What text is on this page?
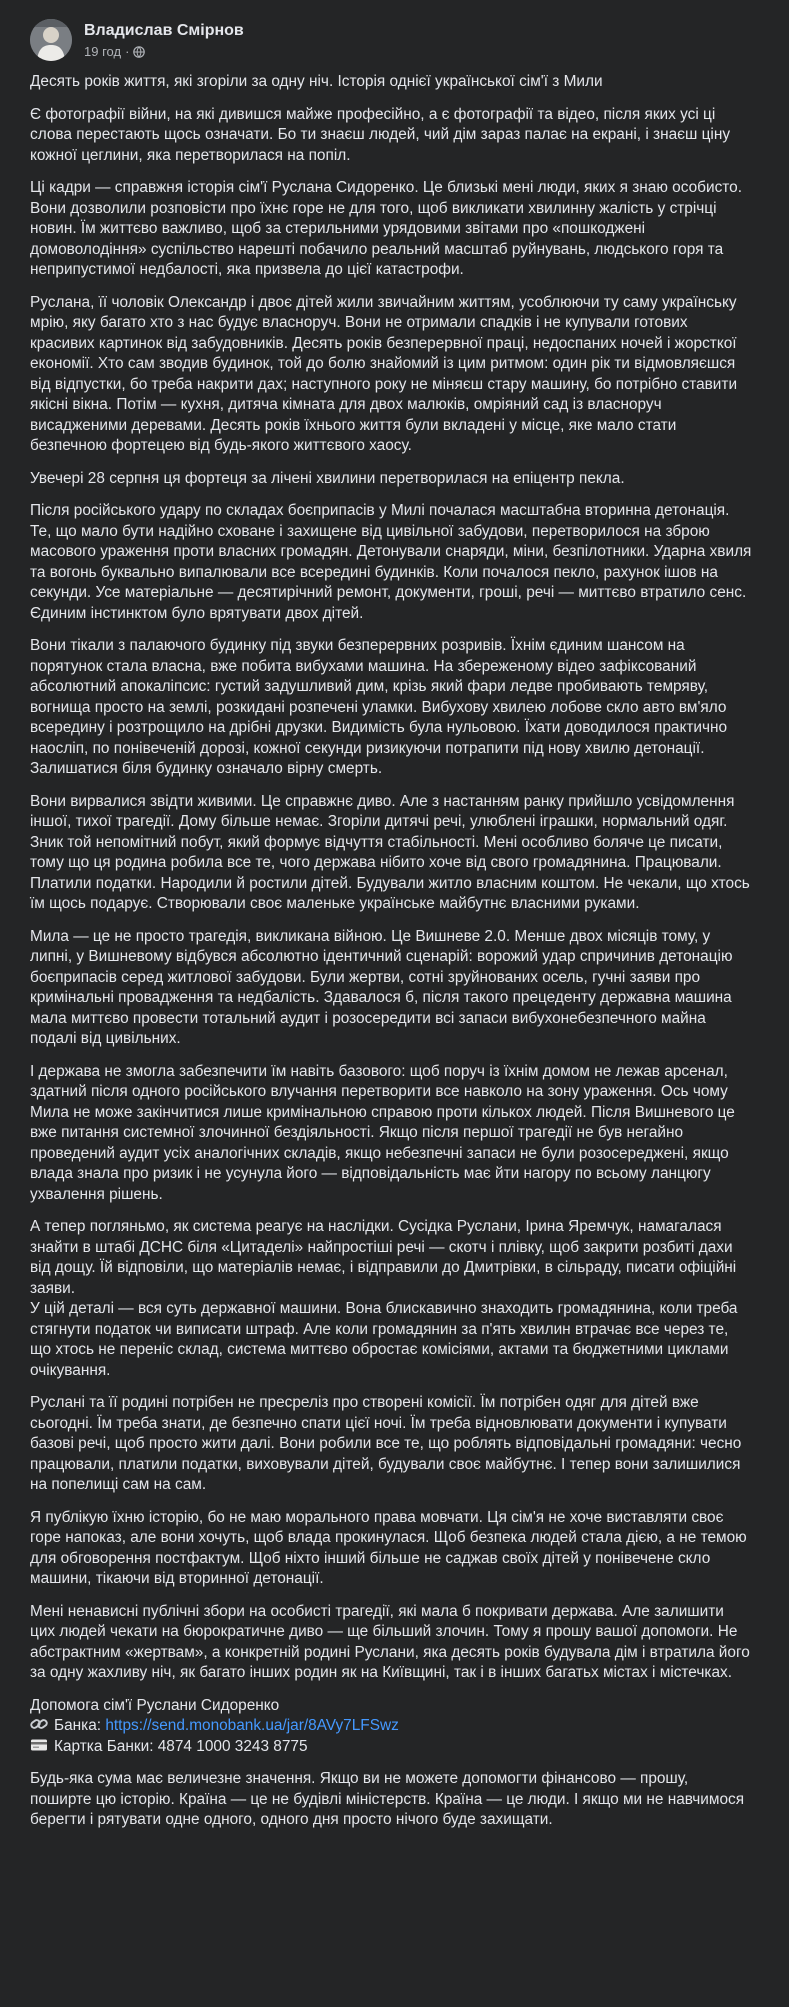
Владислав Смірнов
19 год ·

Десять років життя, які згоріли за одну ніч. Історія однієї української сім'ї з Мили

Є фотографії війни, на які дивишся майже професійно, а є фотографії та відео, після яких усі ці слова перестають щось означати. Бо ти знаєш людей, чий дім зараз палає на екрані, і знаєш ціну кожної цеглини, яка перетворилася на попіл.

Ці кадри — справжня історія сім'ї Руслана Сидоренко. Це близькі мені люди, яких я знаю особисто. Вони дозволили розповісти про їхнє горе не для того, щоб викликати хвилинну жалість у стрічці новин. Їм життєво важливо, щоб за стерильними урядовими звітами про «пошкоджені домоволодіння» суспільство нарешті побачило реальний масштаб руйнувань, людського горя та неприпустимої недбалості, яка призвела до цієї катастрофи.

Руслана, її чоловік Олександр і двоє дітей жили звичайним життям, усоблюючи ту саму українську мрію, яку багато хто з нас будує власноруч. Вони не отримали спадків і не купували готових красивих картинок від забудовників. Десять років безперервної праці, недоспаних ночей і жорсткої економії. Хто сам зводив будинок, той до болю знайомий із цим ритмом: один рік ти відмовляєшся від відпустки, бо треба накрити дах; наступного року не міняєш стару машину, бо потрібно ставити якісні вікна. Потім — кухня, дитяча кімната для двох малюків, омріяний сад із власноруч висадженими деревами. Десять років їхнього життя були вкладені у місце, яке мало стати безпечною фортецею від будь-якого життєвого хаосу.

Увечері 28 серпня ця фортеця за лічені хвилини перетворилася на епіцентр пекла.

Після російського удару по складах боєприпасів у Милі почалася масштабна вторинна детонація. Те, що мало бути надійно сховане і захищене від цивільної забудови, перетворилося на зброю масового ураження проти власних громадян. Детонували снаряди, міни, безпілотники. Ударна хвиля та вогонь буквально випалювали все всередині будинків. Коли почалося пекло, рахунок ішов на секунди. Усе матеріальне — десятирічний ремонт, документи, гроші, речі — миттєво втратило сенс. Єдиним інстинктом було врятувати двох дітей.

Вони тікали з палаючого будинку під звуки безперервних розривів. Їхнім єдиним шансом на порятунок стала власна, вже побита вибухами машина. На збереженому відео зафіксований абсолютний апокаліпсис: густий задушливий дим, крізь який фари ледве пробивають темряву, вогнища просто на землі, розкидані розпечені уламки. Вибухову хвилею лобове скло авто вм'яло всередину і розтрощило на дрібні друзки. Видимість була нульовою. Їхати доводилося практично наосліп, по понівеченій дорозі, кожної секунди ризикуючи потрапити під нову хвилю детонації. Залишатися біля будинку означало вірну смерть.

Вони вирвалися звідти живими. Це справжнє диво. Але з настанням ранку прийшло усвідомлення іншої, тихої трагедії. Дому більше немає. Згоріли дитячі речі, улюблені іграшки, нормальний одяг. Зник той непомітний побут, який формує відчуття стабільності. Мені особливо боляче це писати, тому що ця родина робила все те, чого держава нібито хоче від свого громадянина. Працювали. Платили податки. Народили й ростили дітей. Будували житло власним коштом. Не чекали, що хтось їм щось подарує. Створювали своє маленьке українське майбутнє власними руками.

Мила — це не просто трагедія, викликана війною. Це Вишневе 2.0. Менше двох місяців тому, у липні, у Вишневому відбувся абсолютно ідентичний сценарій: ворожий удар спричинив детонацію боєприпасів серед житлової забудови. Були жертви, сотні зруйнованих осель, гучні заяви про кримінальні провадження та недбалість. Здавалося б, після такого прецеденту державна машина мала миттєво провести тотальний аудит і розосередити всі запаси вибухонебезпечного майна подалі від цивільних.

І держава не змогла забезпечити їм навіть базового: щоб поруч із їхнім домом не лежав арсенал, здатний після одного російського влучання перетворити все навколо на зону ураження. Ось чому Мила не може закінчитися лише кримінальною справою проти кількох людей. Після Вишневого це вже питання системної злочинної бездіяльності. Якщо після першої трагедії не був негайно проведений аудит усіх аналогічних складів, якщо небезпечні запаси не були розосереджені, якщо влада знала про ризик і не усунула його — відповідальність має йти нагору по всьому ланцюгу ухвалення рішень.

А тепер погляньмо, як система реагує на наслідки. Сусідка Руслани, Ірина Яремчук, намагалася знайти в штабі ДСНС біля «Цитаделі» найпростіші речі — скотч і плівку, щоб закрити розбиті дахи від дощу. Їй відповіли, що матеріалів немає, і відправили до Дмитрівки, в сільраду, писати офіційні заяви.

У цій деталі — вся суть державної машини. Вона блискавично знаходить громадянина, коли треба стягнути податок чи виписати штраф. Але коли громадянин за п'ять хвилин втрачає все через те, що хтось не переніс склад, система миттєво обростає комісіями, актами та бюджетними циклами очікування.

Руслані та її родині потрібен не пресреліз про створені комісії. Їм потрібен одяг для дітей вже сьогодні. Їм треба знати, де безпечно спати цієї ночі. Їм треба відновлювати документи і купувати базові речі, щоб просто жити далі. Вони робили все те, що роблять відповідальні громадяни: чесно працювали, платили податки, виховували дітей, будували своє майбутнє. І тепер вони залишилися на попелищі сам на сам.

Я публікую їхню історію, бо не маю морального права мовчати. Ця сім'я не хоче виставляти своє горе напоказ, але вони хочуть, щоб влада прокинулася. Щоб безпека людей стала дією, а не темою для обговорення постфактум. Щоб ніхто інший більше не саджав своїх дітей у понівечене скло машини, тікаючи від вторинної детонації.

Мені ненависні публічні збори на особисті трагедії, які мала б покривати держава. Але залишити цих людей чекати на бюрократичне диво — ще більший злочин. Тому я прошу вашої допомоги. Не абстрактним «жертвам», а конкретній родині Руслани, яка десять років будувала дім і втратила його за одну жахливу ніч, як багато інших родин як на Київщині, так і в інших багатьх містах і містечках.

Допомога сім'ї Руслани Сидоренко

Банка: https://send.monobank.ua/jar/8AVy7LFSwz

Картка Банки: 4874 1000 3243 8775

Будь-яка сума має величезне значення. Якщо ви не можете допомогти фінансово — прошу, поширте цю історію. Країна — це не будівлі міністерств. Країна — це люди. І якщо ми не навчимося берегти і рятувати одне одного, одного дня просто нічого буде захищати.
